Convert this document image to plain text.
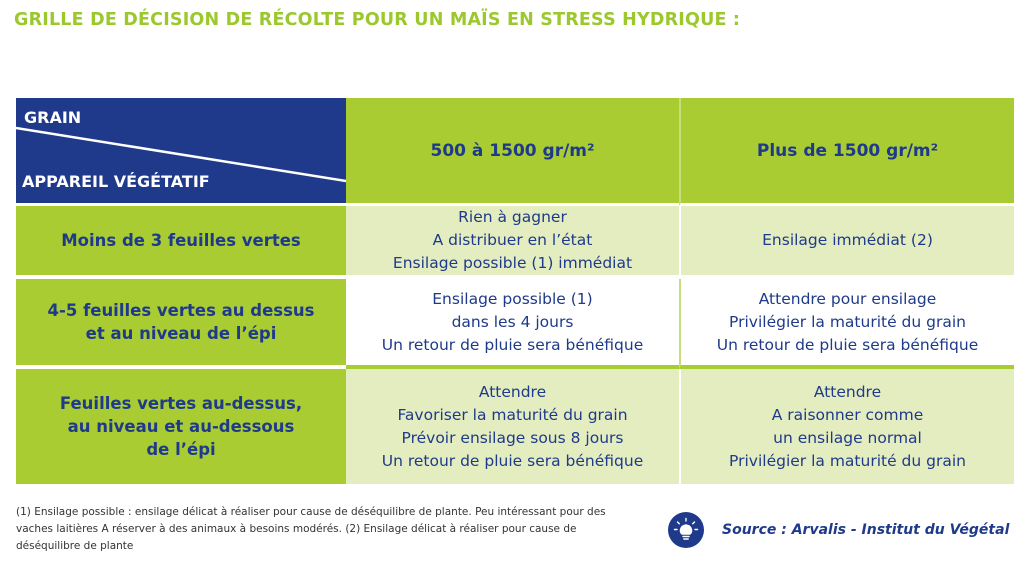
GRILLE DE DÉCISION DE RÉCOLTE POUR UN MAÏS EN STRESS HYDRIQUE :
GRAIN
APPAREIL VÉGÉTATIF
500 à 1500 gr/m²	Plus de 1500 gr/m²
Moins de 3 feuilles vertes
Rien à gagner
A distribuer en l’état
Ensilage possible (1) immédiat
Ensilage immédiat (2)
4-5 feuilles vertes au dessus
et au niveau de l’épi
Ensilage possible (1)
dans les 4 jours
Un retour de pluie sera bénéfique
Attendre pour ensilage
Privilégier la maturité du grain
Un retour de pluie sera bénéfique
Feuilles vertes au-dessus,
au niveau et au-dessous
de l’épi
Attendre
Favoriser la maturité du grain
Prévoir ensilage sous 8 jours
Un retour de pluie sera bénéfique
Attendre
A raisonner comme
un ensilage normal
Privilégier la maturité du grain
(1) Ensilage possible : ensilage délicat à réaliser pour cause de déséquilibre de plante. Peu intéressant pour des vaches laitières A réserver à des animaux à besoins modérés. (2) Ensilage délicat à réaliser pour cause de déséquilibre de plante
Source : Arvalis - Institut du Végétal
